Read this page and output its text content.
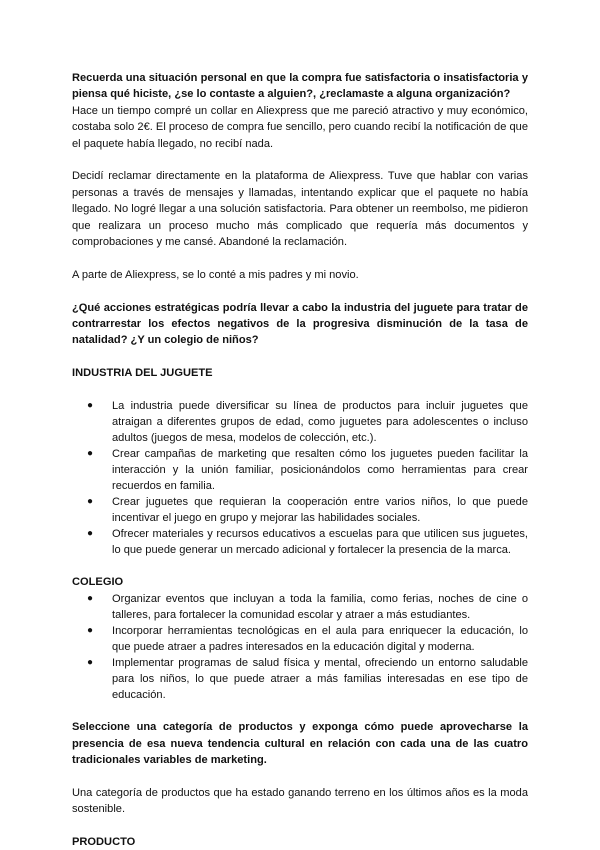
Recuerda una situación personal en que la compra fue satisfactoria o insatisfactoria y piensa qué hiciste, ¿se lo contaste a alguien?, ¿reclamaste a alguna organización?

Hace un tiempo compré un collar en Aliexpress que me pareció atractivo y muy económico, costaba solo 2€. El proceso de compra fue sencillo, pero cuando recibí la notificación de que el paquete había llegado, no recibí nada.

Decidí reclamar directamente en la plataforma de Aliexpress. Tuve que hablar con varias personas a través de mensajes y llamadas, intentando explicar que el paquete no había llegado. No logré llegar a una solución satisfactoria. Para obtener un reembolso, me pidieron que realizara un proceso mucho más complicado que requería más documentos y comprobaciones y me cansé. Abandoné la reclamación.

A parte de Aliexpress, se lo conté a mis padres y mi novio.

¿Qué acciones estratégicas podría llevar a cabo la industria del juguete para tratar de contrarrestar los efectos negativos de la progresiva disminución de la tasa de natalidad? ¿Y un colegio de niños?

INDUSTRIA DEL JUGUETE

● La industria puede diversificar su línea de productos para incluir juguetes que atraigan a diferentes grupos de edad, como juguetes para adolescentes o incluso adultos (juegos de mesa, modelos de colección, etc.).
● Crear campañas de marketing que resalten cómo los juguetes pueden facilitar la interacción y la unión familiar, posicionándolos como herramientas para crear recuerdos en familia.
● Crear juguetes que requieran la cooperación entre varios niños, lo que puede incentivar el juego en grupo y mejorar las habilidades sociales.
● Ofrecer materiales y recursos educativos a escuelas para que utilicen sus juguetes, lo que puede generar un mercado adicional y fortalecer la presencia de la marca.

COLEGIO

● Organizar eventos que incluyan a toda la familia, como ferias, noches de cine o talleres, para fortalecer la comunidad escolar y atraer a más estudiantes.
● Incorporar herramientas tecnológicas en el aula para enriquecer la educación, lo que puede atraer a padres interesados en la educación digital y moderna.
● Implementar programas de salud física y mental, ofreciendo un entorno saludable para los niños, lo que puede atraer a más familias interesadas en ese tipo de educación.

Seleccione una categoría de productos y exponga cómo puede aprovecharse la presencia de esa nueva tendencia cultural en relación con cada una de las cuatro tradicionales variables de marketing.

Una categoría de productos que ha estado ganando terreno en los últimos años es la moda sostenible.

PRODUCTO
